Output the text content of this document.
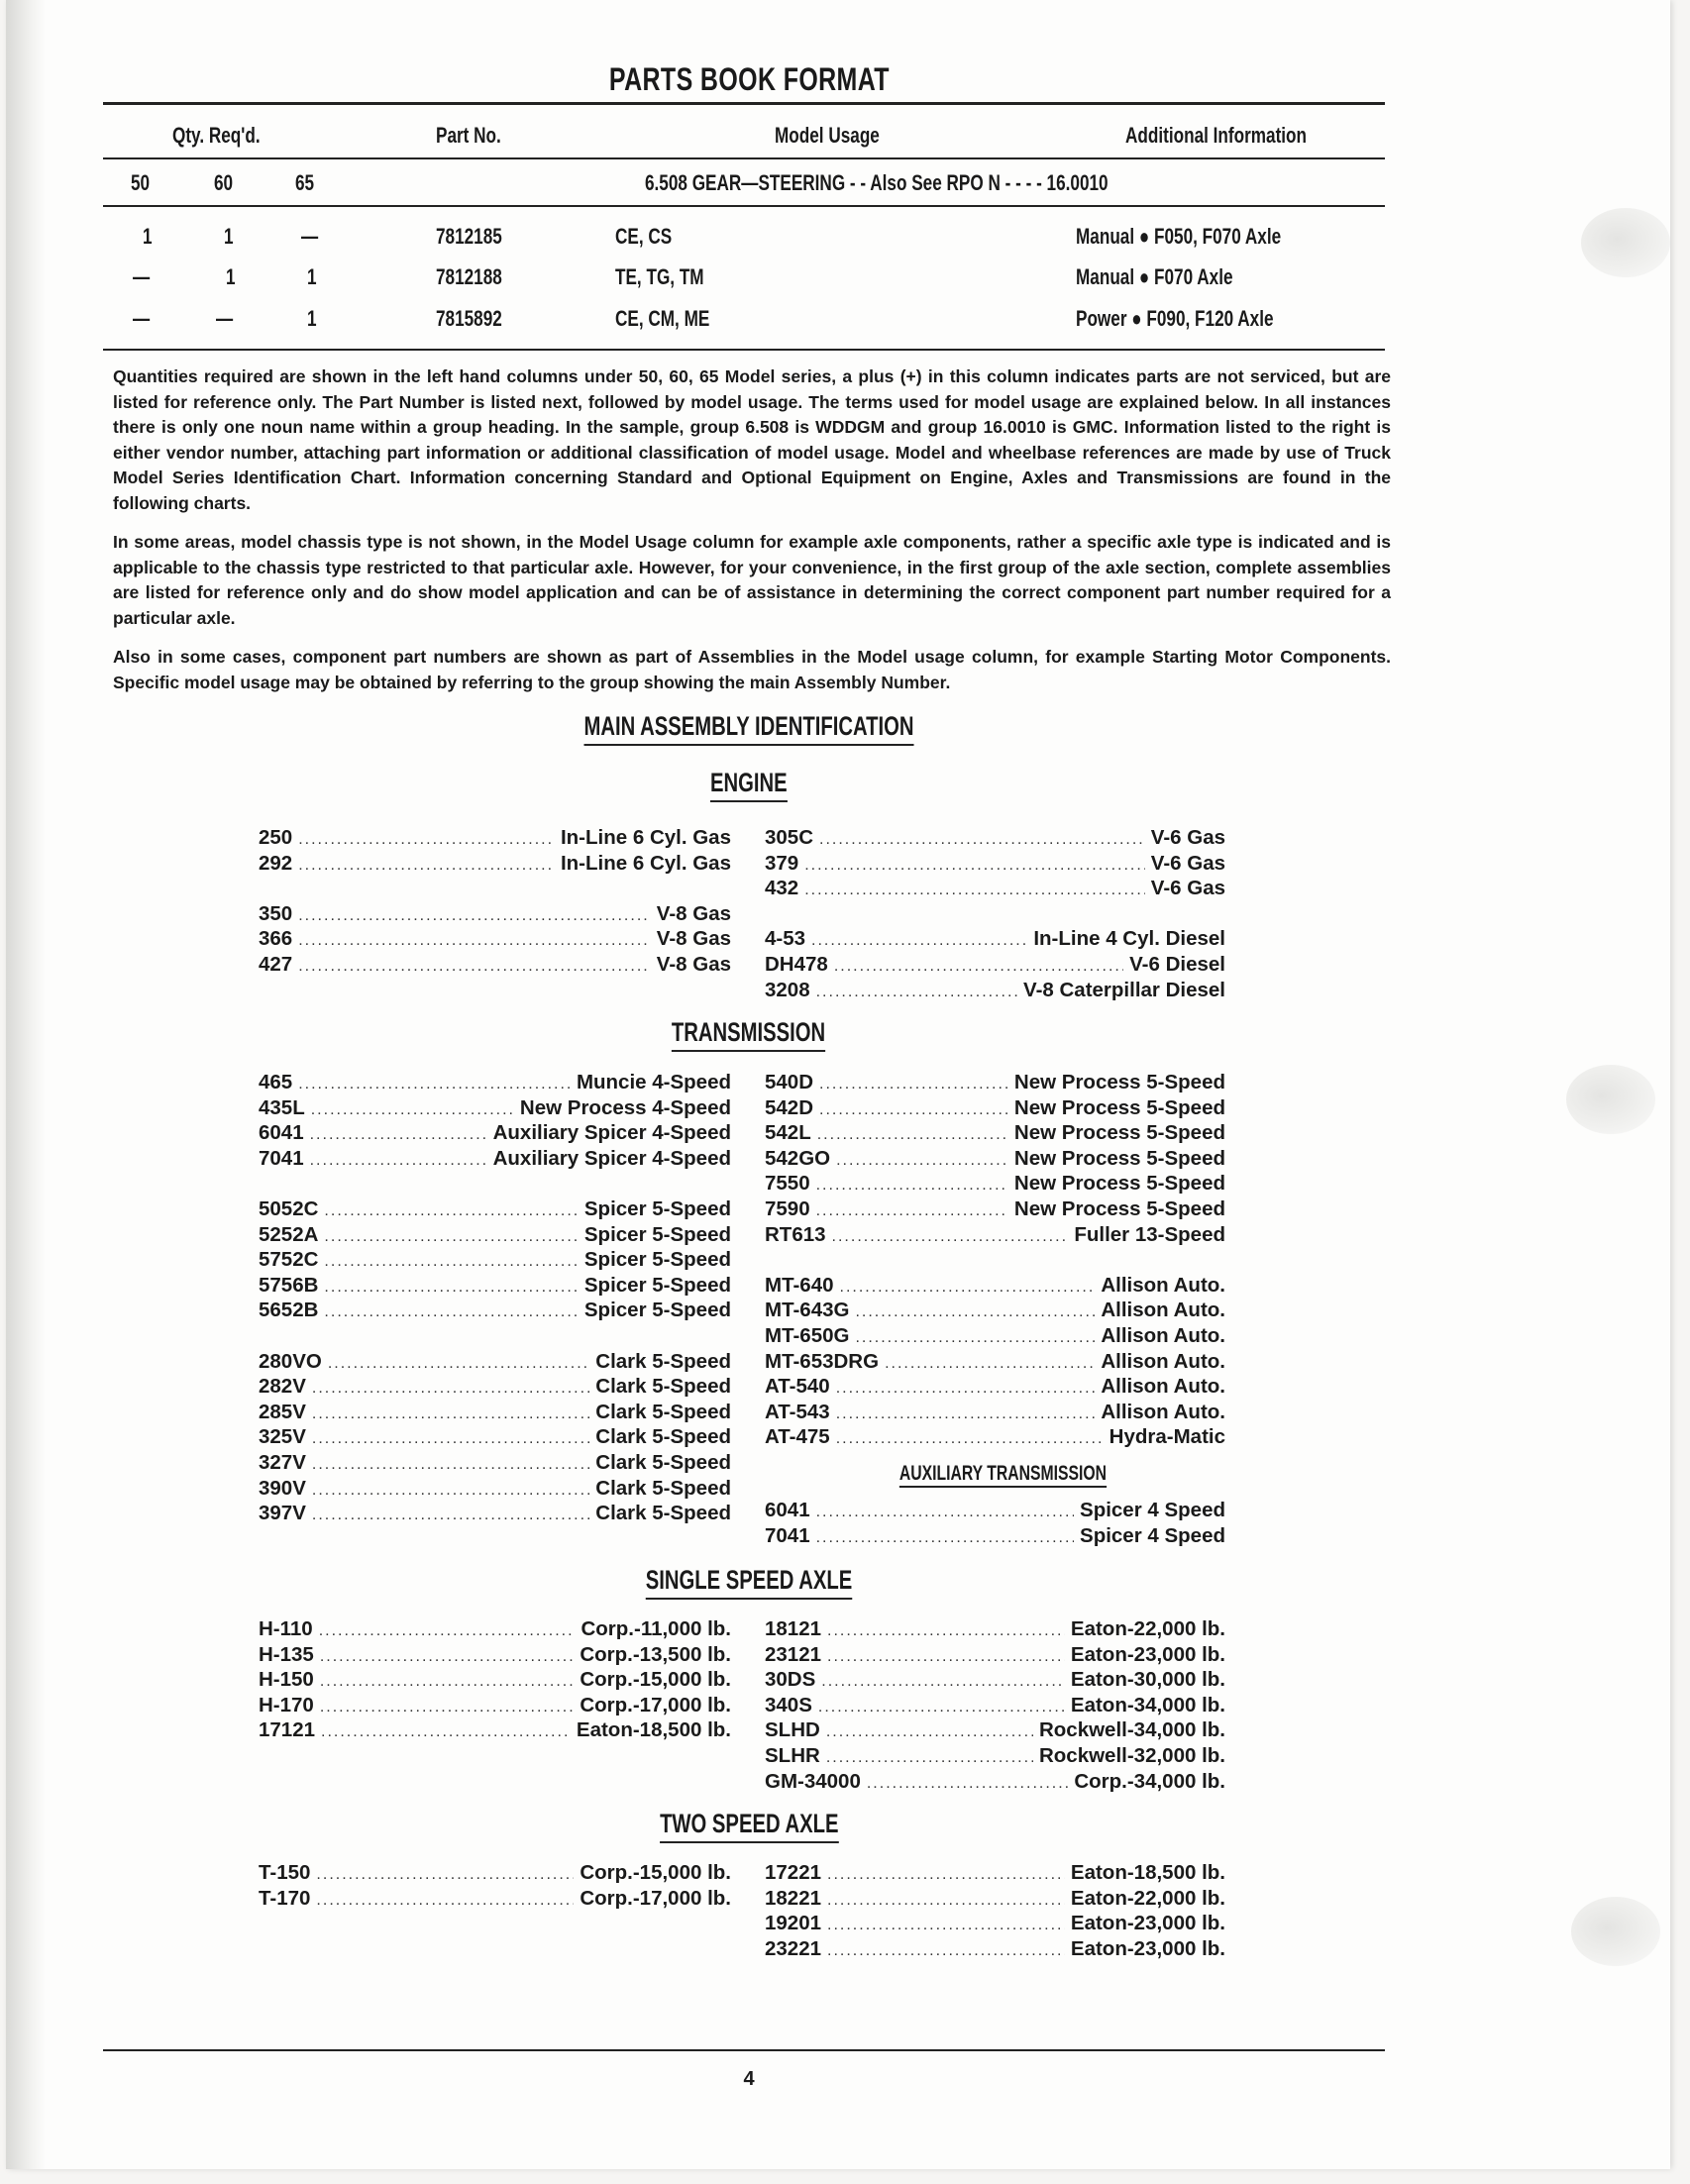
PARTS BOOK FORMAT
Qty. Req'd.	Part No.	Model Usage	Additional Information
50	60	65	6.508 GEAR—STEERING - - Also See RPO N - - - - 16.0010
1	1	—	7812185	CE, CS	Manual ● F050, F070 Axle
—	1	1	7812188	TE, TG, TM	Manual ● F070 Axle
—	—	1	7815892	CE, CM, ME	Power ● F090, F120 Axle

Quantities required are shown in the left hand columns under 50, 60, 65 Model series, a plus (+) in this column indicates parts are not serviced, but are listed for reference only. The Part Number is listed next, followed by model usage. The terms used for model usage are explained below. In all instances there is only one noun name within a group heading. In the sample, group 6.508 is WDDGM and group 16.0010 is GMC. Information listed to the right is either vendor number, attaching part information or additional classification of model usage. Model and wheelbase references are made by use of Truck Model Series Identification Chart. Information concerning Standard and Optional Equipment on Engine, Axles and Transmissions are found in the following charts.

In some areas, model chassis type is not shown, in the Model Usage column for example axle components, rather a specific axle type is indicated and is applicable to the chassis type restricted to that particular axle. However, for your convenience, in the first group of the axle section, complete assemblies are listed for reference only and do show model application and can be of assistance in determining the correct component part number required for a particular axle.

Also in some cases, component part numbers are shown as part of Assemblies in the Model usage column, for example Starting Motor Components. Specific model usage may be obtained by referring to the group showing the main Assembly Number.

MAIN ASSEMBLY IDENTIFICATION
ENGINE
250 .....	In-Line 6 Cyl. Gas
292 .....	In-Line 6 Cyl. Gas
350 .....	V-8 Gas
366 .....	V-8 Gas
427 .....	V-8 Gas
305C .....	V-6 Gas
379 .....	V-6 Gas
432 .....	V-6 Gas
4-53 .....	In-Line 4 Cyl. Diesel
DH478 .....	V-6 Diesel
3208 .....	V-8 Caterpillar Diesel
TRANSMISSION
465 .....	Muncie 4-Speed
435L .....	New Process 4-Speed
6041 .....	Auxiliary Spicer 4-Speed
7041 .....	Auxiliary Spicer 4-Speed
5052C .....	Spicer 5-Speed
5252A .....	Spicer 5-Speed
5752C .....	Spicer 5-Speed
5756B .....	Spicer 5-Speed
5652B .....	Spicer 5-Speed
280VO .....	Clark 5-Speed
282V .....	Clark 5-Speed
285V .....	Clark 5-Speed
325V .....	Clark 5-Speed
327V .....	Clark 5-Speed
390V .....	Clark 5-Speed
397V .....	Clark 5-Speed
540D .....	New Process 5-Speed
542D .....	New Process 5-Speed
542L .....	New Process 5-Speed
542GO .....	New Process 5-Speed
7550 .....	New Process 5-Speed
7590 .....	New Process 5-Speed
RT613 .....	Fuller 13-Speed
MT-640 .....	Allison Auto.
MT-643G .....	Allison Auto.
MT-650G .....	Allison Auto.
MT-653DRG .....	Allison Auto.
AT-540 .....	Allison Auto.
AT-543 .....	Allison Auto.
AT-475 .....	Hydra-Matic
AUXILIARY TRANSMISSION
6041 .....	Spicer 4 Speed
7041 .....	Spicer 4 Speed
SINGLE SPEED AXLE
H-110 .....	Corp.-11,000 lb.
H-135 .....	Corp.-13,500 lb.
H-150 .....	Corp.-15,000 lb.
H-170 .....	Corp.-17,000 lb.
17121 .....	Eaton-18,500 lb.
18121 .....	Eaton-22,000 lb.
23121 .....	Eaton-23,000 lb.
30DS .....	Eaton-30,000 lb.
340S .....	Eaton-34,000 lb.
SLHD .....	Rockwell-34,000 lb.
SLHR .....	Rockwell-32,000 lb.
GM-34000 .....	Corp.-34,000 lb.
TWO SPEED AXLE
T-150 .....	Corp.-15,000 lb.
T-170 .....	Corp.-17,000 lb.
17221 .....	Eaton-18,500 lb.
18221 .....	Eaton-22,000 lb.
19201 .....	Eaton-23,000 lb.
23221 .....	Eaton-23,000 lb.
4
